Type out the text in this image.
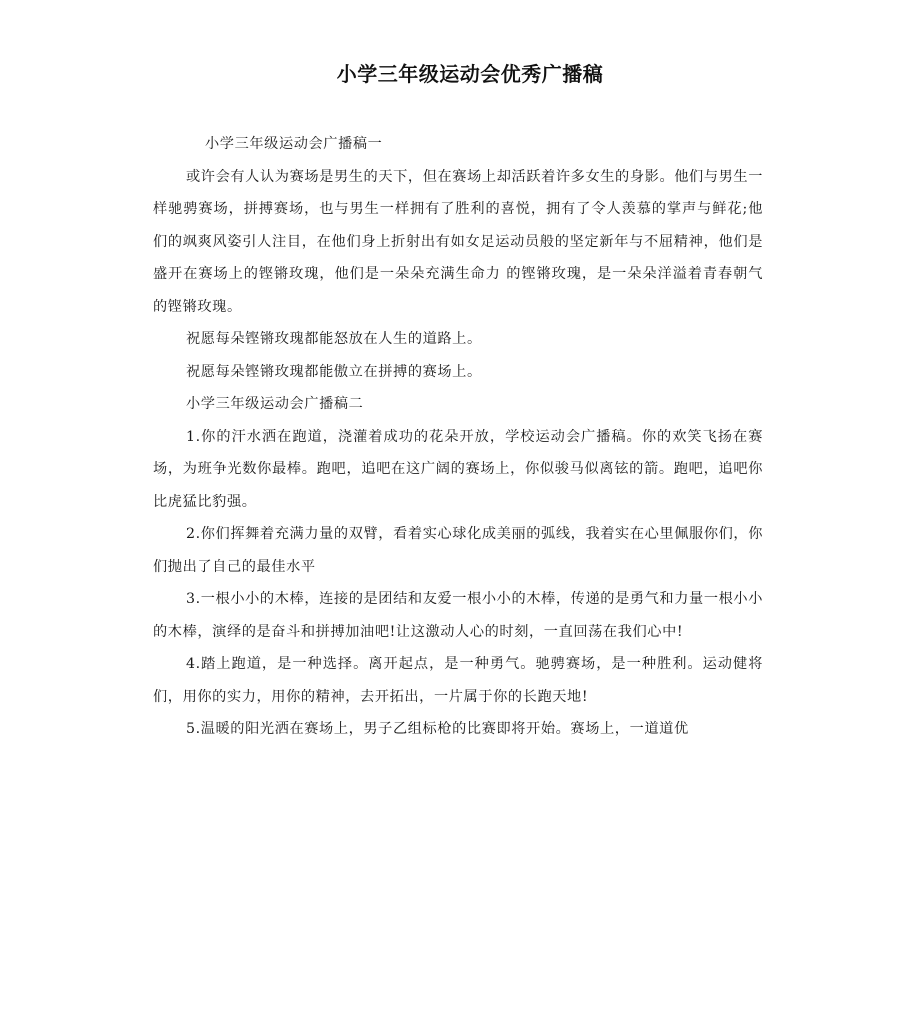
小学三年级运动会优秀广播稿

小学三年级运动会广播稿一

或许会有人认为赛场是男生的天下，但在赛场上却活跃着许多女生的身影。他们与男生一样驰骋赛场，拼搏赛场，也与男生一样拥有了胜利的喜悦，拥有了令人羡慕的掌声与鲜花;他们的飒爽风姿引人注目，在他们身上折射出有如女足运动员般的坚定新年与不屈精神，他们是盛开在赛场上的铿锵玫瑰，他们是一朵朵充满生命力 的铿锵玫瑰，是一朵朵洋溢着青春朝气的铿锵玫瑰。

祝愿每朵铿锵玫瑰都能怒放在人生的道路上。

祝愿每朵铿锵玫瑰都能傲立在拼搏的赛场上。

小学三年级运动会广播稿二

1.你的汗水洒在跑道，浇灌着成功的花朵开放，学校运动会广播稿。你的欢笑飞扬在赛场，为班争光数你最棒。跑吧，追吧在这广阔的赛场上，你似骏马似离铉的箭。跑吧，追吧你比虎猛比豹强。

2.你们挥舞着充满力量的双臂，看着实心球化成美丽的弧线，我着实在心里佩服你们，你们抛出了自己的最佳水平

3.一根小小的木棒，连接的是团结和友爱一根小小的木棒，传递的是勇气和力量一根小小的木棒，演绎的是奋斗和拼搏加油吧!让这激动人心的时刻，一直回荡在我们心中!

4.踏上跑道，是一种选择。离开起点，是一种勇气。驰骋赛场，是一种胜利。运动健将们，用你的实力，用你的精神，去开拓出，一片属于你的长跑天地!

5.温暖的阳光洒在赛场上，男子乙组标枪的比赛即将开始。赛场上，一道道优
